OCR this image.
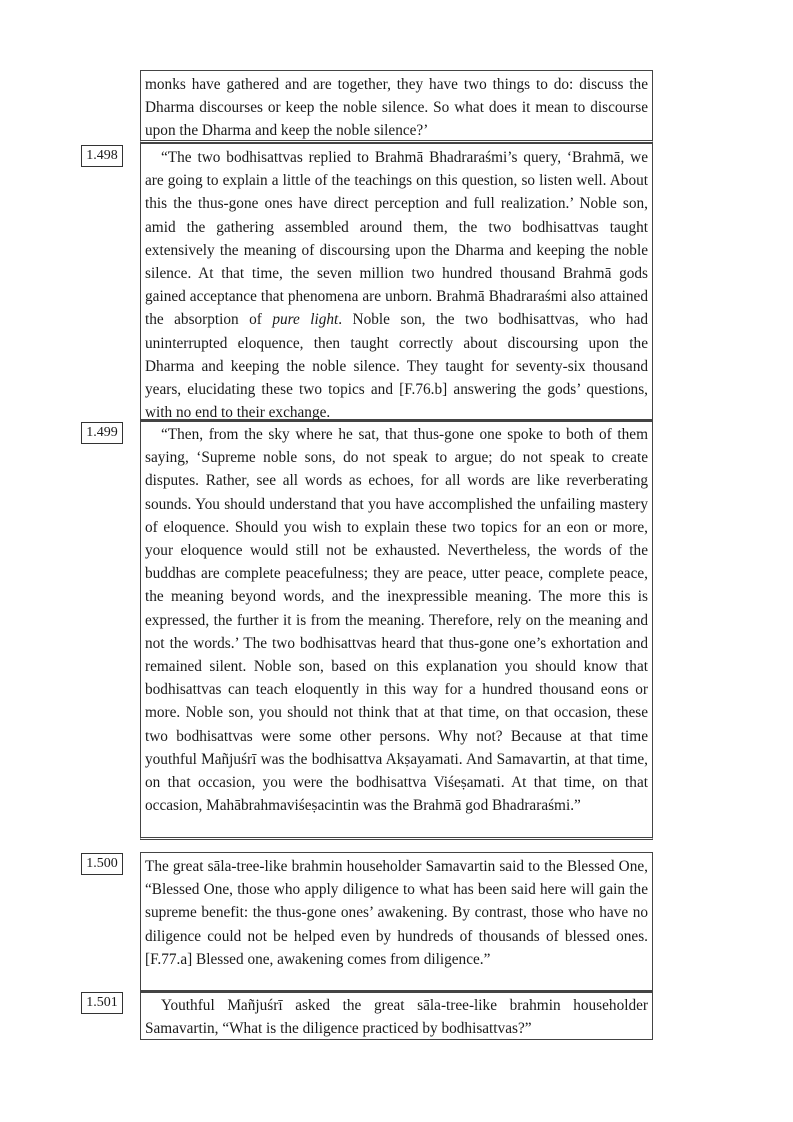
monks have gathered and are together, they have two things to do: discuss the Dharma discourses or keep the noble silence. So what does it mean to discourse upon the Dharma and keep the noble silence?’
1.498	“The two bodhisattvas replied to Brahmā Bhadraraśmi’s query, ‘Brahmā, we are going to explain a little of the teachings on this question, so listen well. About this the thus-gone ones have direct perception and full realization.’ Noble son, amid the gathering assembled around them, the two bodhisattvas taught extensively the meaning of discoursing upon the Dharma and keeping the noble silence. At that time, the seven million two hundred thousand Brahmā gods gained acceptance that phenomena are unborn. Brahmā Bhadraraśmi also attained the absorption of pure light. Noble son, the two bodhisattvas, who had uninterrupted eloquence, then taught correctly about discoursing upon the Dharma and keeping the noble silence. They taught for seventy-six thousand years, elucidating these two topics and [F.76.b] answering the gods’ questions, with no end to their exchange.
1.499	“Then, from the sky where he sat, that thus-gone one spoke to both of them saying, ‘Supreme noble sons, do not speak to argue; do not speak to create disputes. Rather, see all words as echoes, for all words are like reverberating sounds. You should understand that you have accomplished the unfailing mastery of eloquence. Should you wish to explain these two topics for an eon or more, your eloquence would still not be exhausted. Nevertheless, the words of the buddhas are complete peacefulness; they are peace, utter peace, complete peace, the meaning beyond words, and the inexpressible meaning. The more this is expressed, the further it is from the meaning. Therefore, rely on the meaning and not the words.’ The two bodhisattvas heard that thus-gone one’s exhortation and remained silent. Noble son, based on this explanation you should know that bodhisattvas can teach eloquently in this way for a hundred thousand eons or more. Noble son, you should not think that at that time, on that occasion, these two bodhisattvas were some other persons. Why not? Because at that time youthful Mañjuśrī was the bodhisattva Akṣayamati. And Samavartin, at that time, on that occasion, you were the bodhisattva Viśeṣamati. At that time, on that occasion, Mahābrahmaviśeṣacintin was the Brahmā god Bhadraraśmi.”
1.500	The great sāla-tree-like brahmin householder Samavartin said to the Blessed One, “Blessed One, those who apply diligence to what has been said here will gain the supreme benefit: the thus-gone ones’ awakening. By contrast, those who have no diligence could not be helped even by hundreds of thousands of blessed ones. [F.77.a] Blessed one, awakening comes from diligence.”
1.501	Youthful Mañjuśrī asked the great sāla-tree-like brahmin householder Samavartin, “What is the diligence practiced by bodhisattvas?”
